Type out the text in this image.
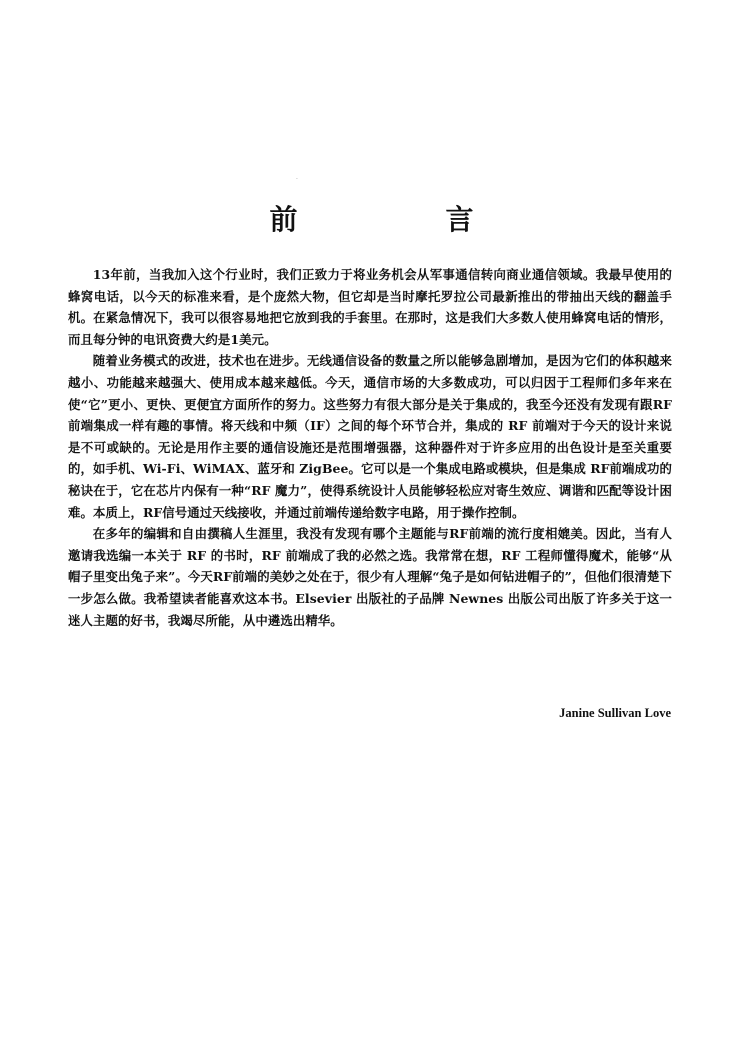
·
前　言

13年前，当我加入这个行业时，我们正致力于将业务机会从军事通信转向商业通信领域。我最早使用的蜂窝电话，以今天的标准来看，是个庞然大物，但它却是当时摩托罗拉公司最新推出的带抽出天线的翻盖手机。在紧急情况下，我可以很容易地把它放到我的手套里。在那时，这是我们大多数人使用蜂窝电话的情形，而且每分钟的电讯资费大约是1美元。

随着业务模式的改进，技术也在进步。无线通信设备的数量之所以能够急剧增加，是因为它们的体积越来越小、功能越来越强大、使用成本越来越低。今天，通信市场的大多数成功，可以归因于工程师们多年来在使“它”更小、更快、更便宜方面所作的努力。这些努力有很大部分是关于集成的，我至今还没有发现有跟RF前端集成一样有趣的事情。将天线和中频（IF）之间的每个环节合并，集成的 RF 前端对于今天的设计来说是不可或缺的。无论是用作主要的通信设施还是范围增强器，这种器件对于许多应用的出色设计是至关重要的，如手机、Wi-Fi、WiMAX、蓝牙和 ZigBee。它可以是一个集成电路或模块，但是集成 RF前端成功的秘诀在于，它在芯片内保有一种“RF 魔力”，使得系统设计人员能够轻松应对寄生效应、调谐和匹配等设计困难。本质上，RF信号通过天线接收，并通过前端传递给数字电路，用于操作控制。

在多年的编辑和自由撰稿人生涯里，我没有发现有哪个主题能与RF前端的流行度相媲美。因此，当有人邀请我选编一本关于 RF 的书时，RF 前端成了我的必然之选。我常常在想，RF 工程师懂得魔术，能够“从帽子里变出兔子来”。今天RF前端的美妙之处在于，很少有人理解“兔子是如何钻进帽子的”，但他们很清楚下一步怎么做。我希望读者能喜欢这本书。Elsevier 出版社的子品牌 Newnes 出版公司出版了许多关于这一迷人主题的好书，我竭尽所能，从中遴选出精华。

Janine Sullivan Love
